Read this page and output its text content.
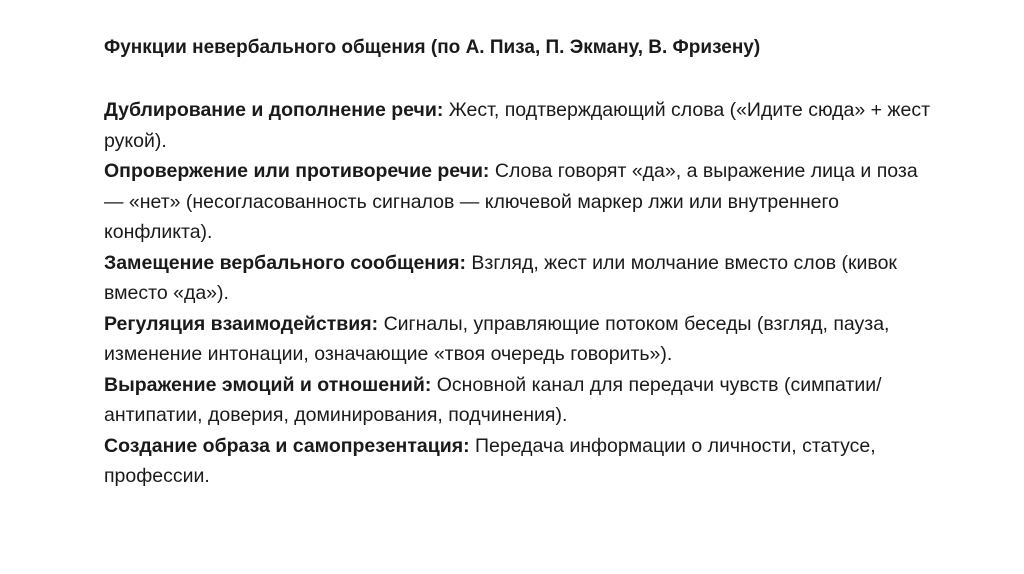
Функции невербального общения (по А. Пиза, П. Экману, В. Фризену)

Дублирование и дополнение речи: Жест, подтверждающий слова («Идите сюда» + жест рукой).

Опровержение или противоречие речи: Слова говорят «да», а выражение лица и поза — «нет» (несогласованность сигналов — ключевой маркер лжи или внутреннего конфликта).

Замещение вербального сообщения: Взгляд, жест или молчание вместо слов (кивок вместо «да»).

Регуляция взаимодействия: Сигналы, управляющие потоком беседы (взгляд, пауза, изменение интонации, означающие «твоя очередь говорить»).

Выражение эмоций и отношений: Основной канал для передачи чувств (симпатии/антипатии, доверия, доминирования, подчинения).

Создание образа и самопрезентация: Передача информации о личности, статусе, профессии.
